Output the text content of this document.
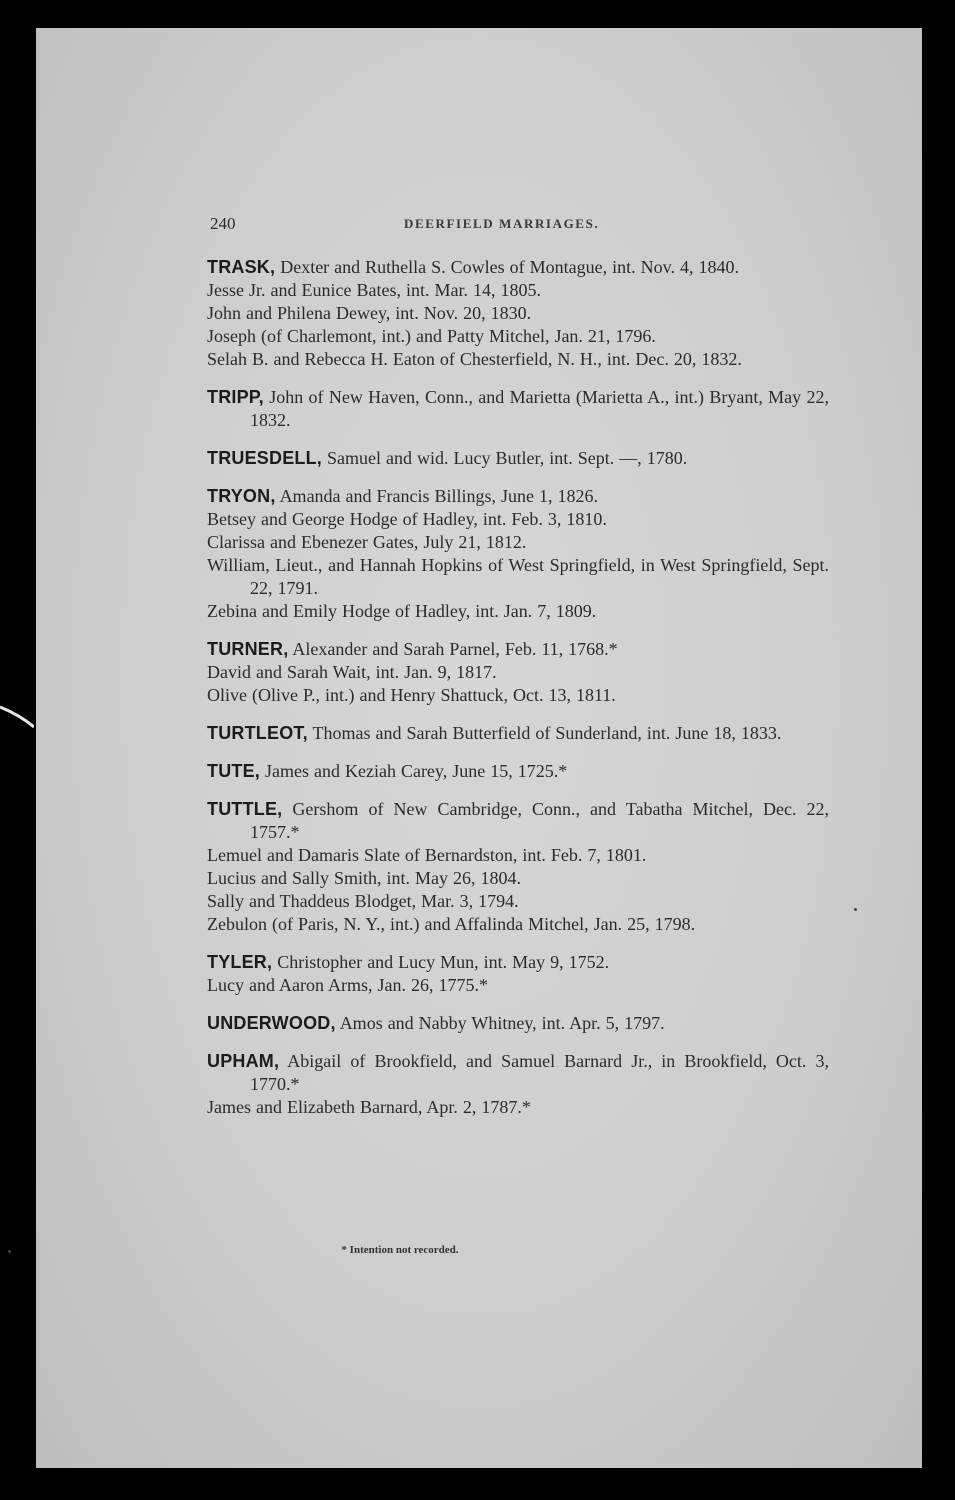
240	DEERFIELD MARRIAGES.
TRASK, Dexter and Ruthella S. Cowles of Montague, int. Nov. 4, 1840.
Jesse Jr. and Eunice Bates, int. Mar. 14, 1805.
John and Philena Dewey, int. Nov. 20, 1830.
Joseph (of Charlemont, int.) and Patty Mitchel, Jan. 21, 1796.
Selah B. and Rebecca H. Eaton of Chesterfield, N. H., int. Dec. 20, 1832.
TRIPP, John of New Haven, Conn., and Marietta (Marietta A., int.) Bryant, May 22, 1832.
TRUESDELL, Samuel and wid. Lucy Butler, int. Sept. —, 1780.
TRYON, Amanda and Francis Billings, June 1, 1826.
Betsey and George Hodge of Hadley, int. Feb. 3, 1810.
Clarissa and Ebenezer Gates, July 21, 1812.
William, Lieut., and Hannah Hopkins of West Springfield, in West Springfield, Sept. 22, 1791.
Zebina and Emily Hodge of Hadley, int. Jan. 7, 1809.
TURNER, Alexander and Sarah Parnel, Feb. 11, 1768.*
David and Sarah Wait, int. Jan. 9, 1817.
Olive (Olive P., int.) and Henry Shattuck, Oct. 13, 1811.
TURTLEOT, Thomas and Sarah Butterfield of Sunderland, int. June 18, 1833.
TUTE, James and Keziah Carey, June 15, 1725.*
TUTTLE, Gershom of New Cambridge, Conn., and Tabatha Mitchel, Dec. 22, 1757.*
Lemuel and Damaris Slate of Bernardston, int. Feb. 7, 1801.
Lucius and Sally Smith, int. May 26, 1804.
Sally and Thaddeus Blodget, Mar. 3, 1794.
Zebulon (of Paris, N. Y., int.) and Affalinda Mitchel, Jan. 25, 1798.
TYLER, Christopher and Lucy Mun, int. May 9, 1752.
Lucy and Aaron Arms, Jan. 26, 1775.*
UNDERWOOD, Amos and Nabby Whitney, int. Apr. 5, 1797.
UPHAM, Abigail of Brookfield, and Samuel Barnard Jr., in Brookfield, Oct. 3, 1770.*
James and Elizabeth Barnard, Apr. 2, 1787.*
* Intention not recorded.
